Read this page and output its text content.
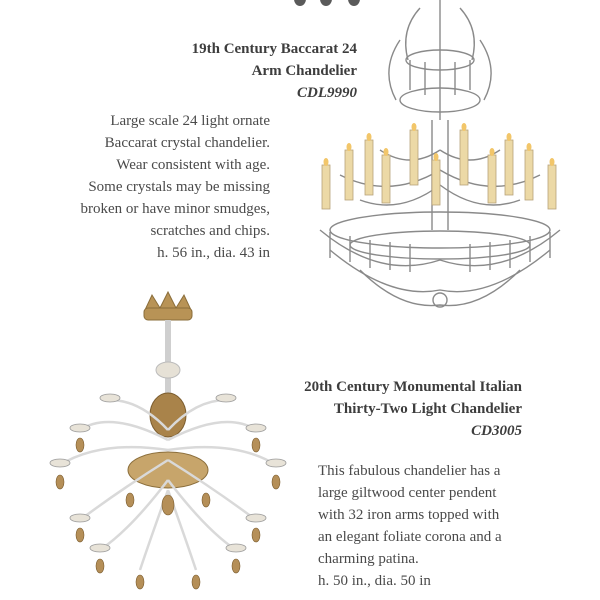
19th Century Baccarat 24
Arm Chandelier
CDL9990

Large scale 24 light ornate

Baccarat crystal chandelier.

Wear consistent with age.

Some crystals may be missing

broken or have minor smudges,

scratches and chips.

h. 56 in., dia. 43 in

20th Century Monumental Italian
Thirty-Two Light Chandelier
CD3005

This fabulous chandelier has a

large giltwood center pendent

with 32 iron arms topped with

an elegant foliate corona and a

charming patina.

h. 50 in., dia. 50 in
